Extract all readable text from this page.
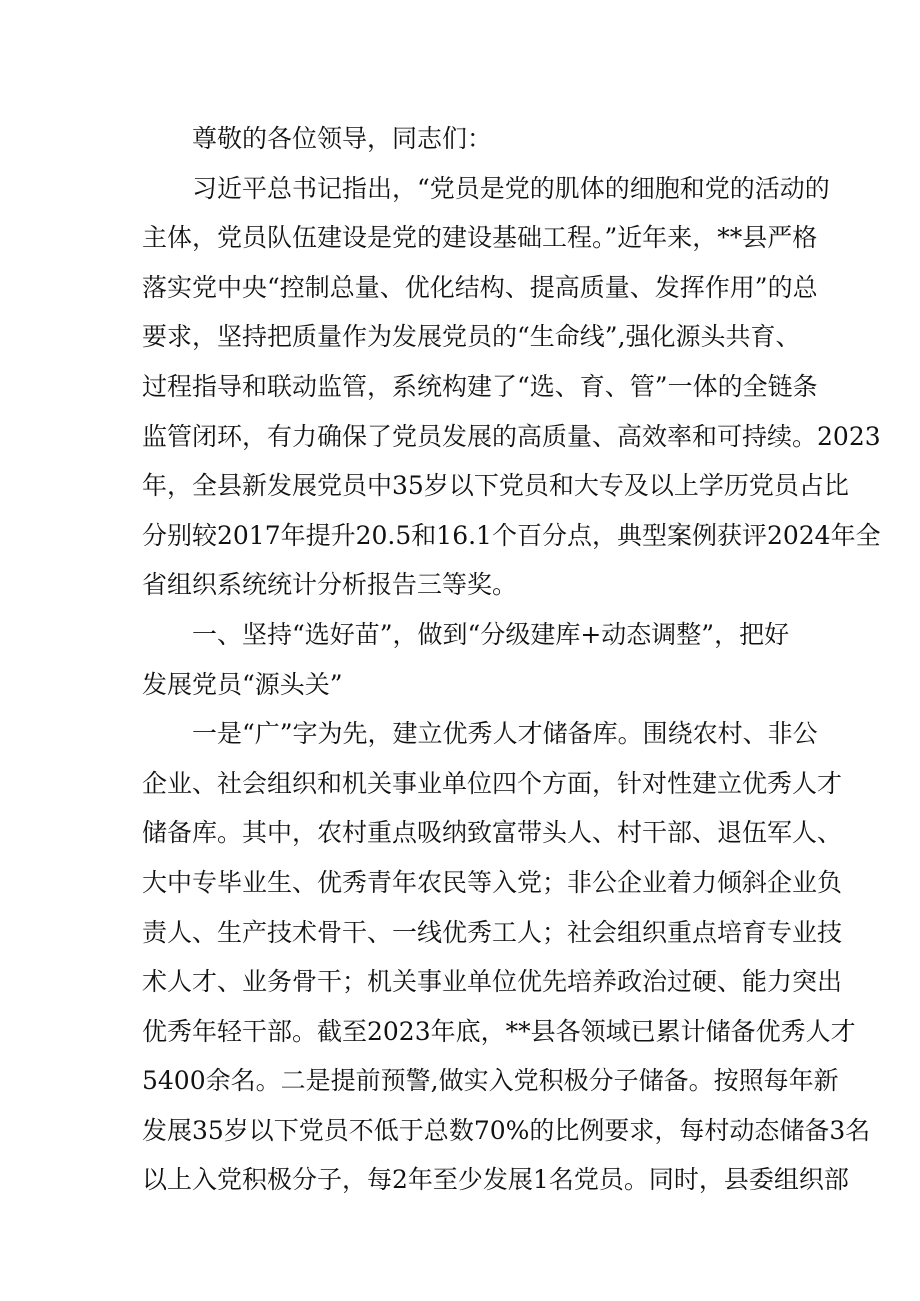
尊敬的各位领导，同志们：
习近平总书记指出，“党员是党的肌体的细胞和党的活动的
主体，党员队伍建设是党的建设基础工程。”近年来，**县严格
落实党中央“控制总量、优化结构、提高质量、发挥作用”的总
要求，坚持把质量作为发展党员的“生命线”,强化源头共育、
过程指导和联动监管，系统构建了“选、育、管”一体的全链条
监管闭环，有力确保了党员发展的高质量、高效率和可持续。2023
年，全县新发展党员中35岁以下党员和大专及以上学历党员占比
分别较2017年提升20.5和16.1个百分点，典型案例获评2024年全
省组织系统统计分析报告三等奖。
一、坚持“选好苗”，做到“分级建库+动态调整”，把好
发展党员“源头关”
一是“广”字为先，建立优秀人才储备库。围绕农村、非公
企业、社会组织和机关事业单位四个方面，针对性建立优秀人才
储备库。其中，农村重点吸纳致富带头人、村干部、退伍军人、
大中专毕业生、优秀青年农民等入党；非公企业着力倾斜企业负
责人、生产技术骨干、一线优秀工人；社会组织重点培育专业技
术人才、业务骨干；机关事业单位优先培养政治过硬、能力突出
优秀年轻干部。截至2023年底，**县各领域已累计储备优秀人才
5400余名。二是提前预警,做实入党积极分子储备。按照每年新
发展35岁以下党员不低于总数70%的比例要求，每村动态储备3名
以上入党积极分子，每2年至少发展1名党员。同时，县委组织部
